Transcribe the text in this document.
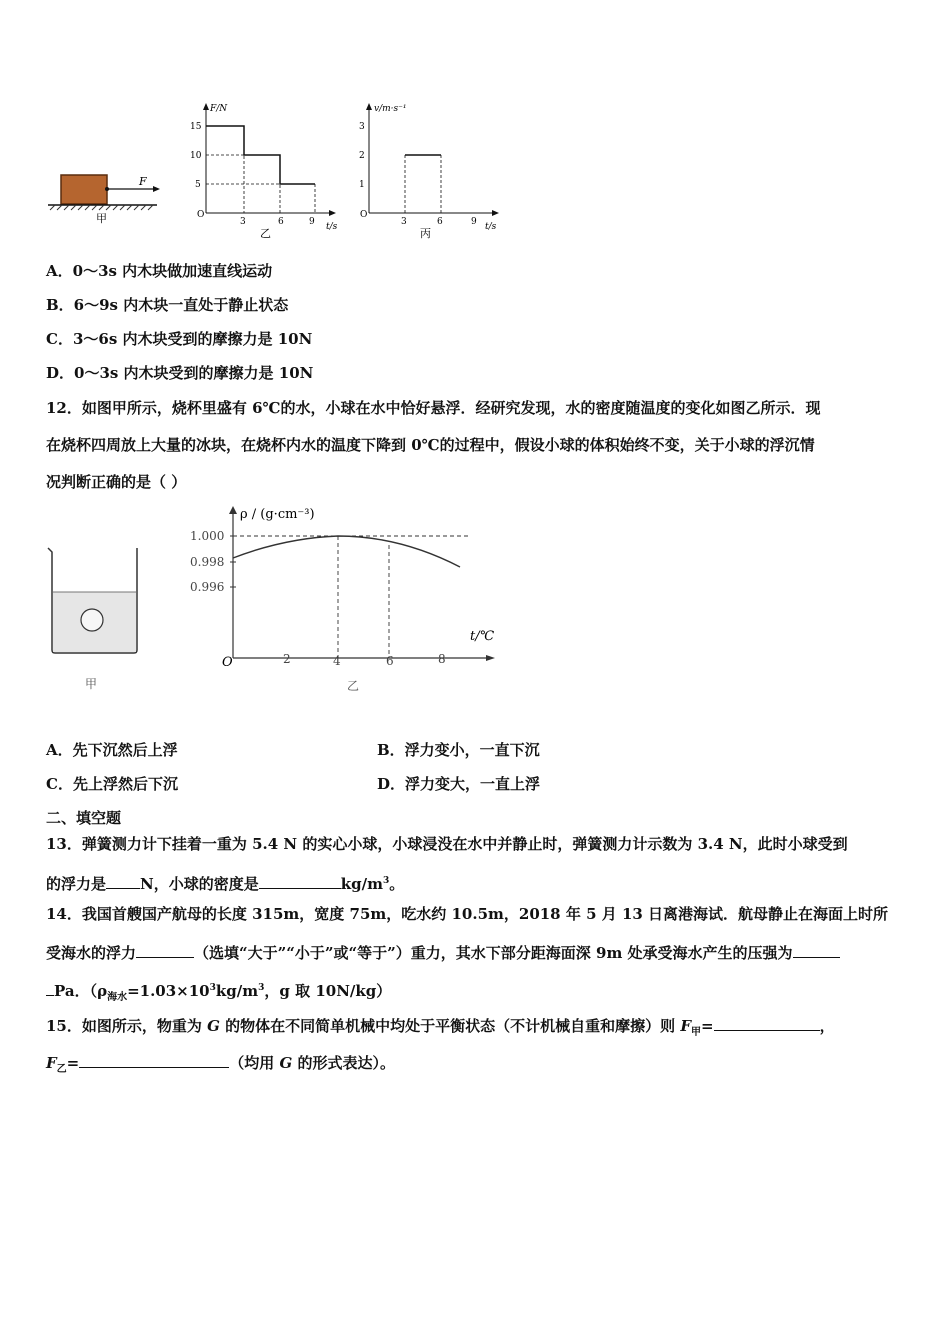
F
甲
F/N
t/s
O
15
10
5
3	6	9
乙
v/m·s⁻¹
t/s
O
3
2
1
3	6	9
丙
A．0～3s 内木块做加速直线运动
B．6～9s 内木块一直处于静止状态
C．3～6s 内木块受到的摩擦力是 10N
D．0～3s 内木块受到的摩擦力是 10N
12．如图甲所示，烧杯里盛有 6℃的水，小球在水中恰好悬浮．经研究发现，水的密度随温度的变化如图乙所示．现
在烧杯四周放上大量的冰块，在烧杯内水的温度下降到 0℃的过程中，假设小球的体积始终不变，关于小球的浮沉情
况判断正确的是（ ）
甲
ρ / (g·cm⁻³)
t/℃
O
1.000
0.998
0.996
2	4	6	8
乙
A．先下沉然后上浮	B．浮力变小，一直下沉
C．先上浮然后下沉	D．浮力变大，一直上浮
二、填空题
13．弹簧测力计下挂着一重为 5.4 N 的实心小球，小球浸没在水中并静止时，弹簧测力计示数为 3.4 N，此时小球受到
的浮力是 N，小球的密度是	$kg/m^3$。
14．我国首艘国产航母的长度 315m，宽度 75m，吃水约 10.5m，2018 年 5 月 13 日离港海试．航母静止在海面上时所
受海水的浮力	（选填“大于”“小于”或“等于”）重力，其水下部分距海面深 9m 处承受海水产生的压强为
Pa．（$\rho_{海水}=1.03\times 10^3kg/m^3$，g 取 10N/kg）
15．如图所示，物重为 G 的物体在不同简单机械中均处于平衡状态（不计机械自重和摩擦）则 $F_甲=$	，
$F_乙=$	（均用 G 的形式表达）。
